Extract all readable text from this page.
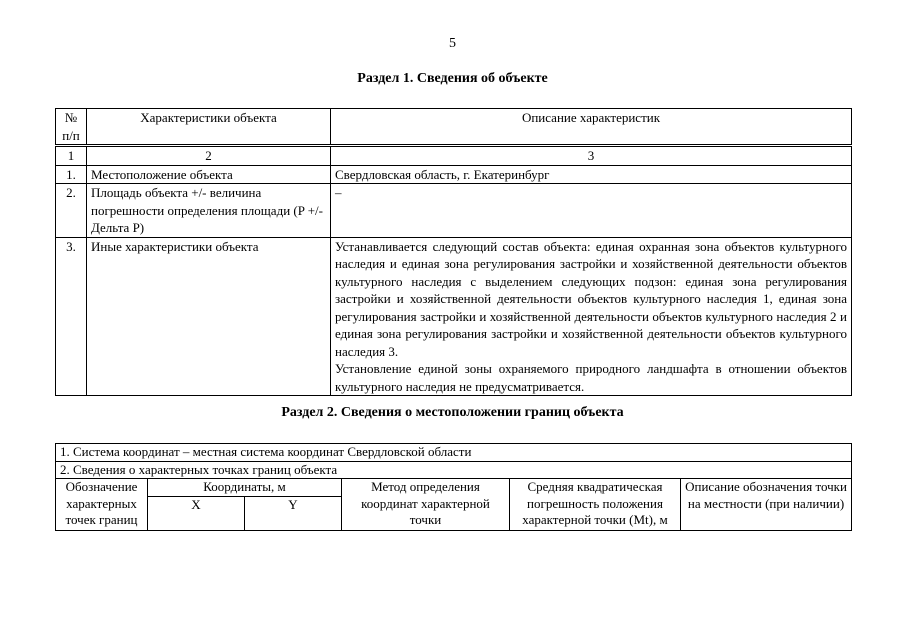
5
Раздел 1. Сведения об объекте
№ п/п	Характеристики объекта	Описание характеристик
1	2	3
1.	Местоположение объекта	Свердловская область, г. Екатеринбург
2.	Площадь объекта +/- величина погрешности определения площади (P +/- Дельта P)	–
3.	Иные характеристики объекта	Устанавливается следующий состав объекта: единая охранная зона объектов культурного наследия и единая зона регулирования застройки и хозяйственной деятельности объектов культурного наследия с выделением следующих подзон: единая зона регулирования застройки и хозяйственной деятельности объектов культурного наследия 1, единая зона регулирования застройки и хозяйственной деятельности объектов культурного наследия 2 и единая зона регулирования застройки и хозяйственной деятельности объектов культурного наследия 3.
Установление единой зоны охраняемого природного ландшафта в отношении объектов культурного наследия не предусматривается.
Раздел 2. Сведения о местоположении границ объекта
1. Система координат – местная система координат Свердловской области					
2. Сведения о характерных точках границ объекта					
Обозначение характерных точек границ	Координаты, м		Метод определения координат характерной точки	Средняя квадратическая погрешность положения характерной точки (Mt), м	Описание обозначения точки на местности (при наличии)
	X	Y			
